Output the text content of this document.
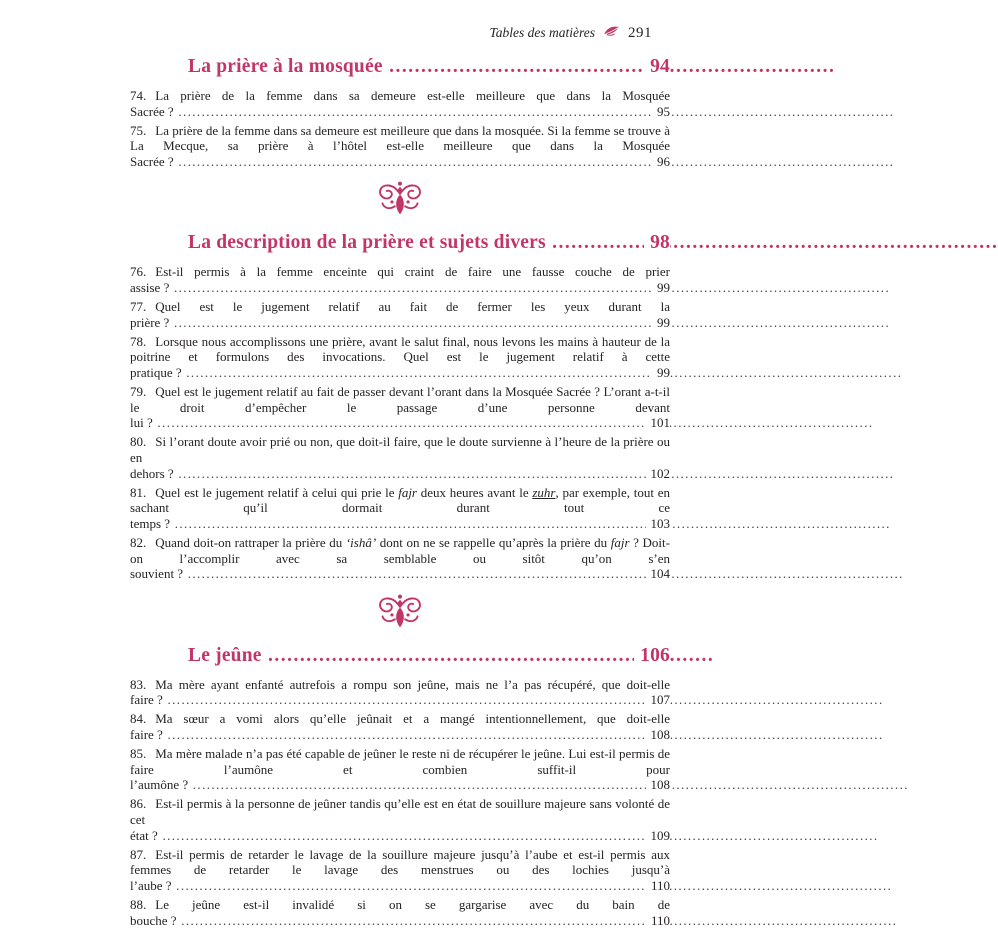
Tables des matières 291
La prière à la mosquée .....	94
74. La prière de la femme dans sa demeure est-elle meilleure que dans la Mosquée Sacrée ? .....	95
75. La prière de la femme dans sa demeure est meilleure que dans la mosquée. Si la femme se trouve à La Mecque, sa prière à l’hôtel est-elle meilleure que dans la Mosquée Sacrée ? .....	96
La description de la prière et sujets divers .....	98
76. Est-il permis à la femme enceinte qui craint de faire une fausse couche de prier assise ? .....	99
77. Quel est le jugement relatif au fait de fermer les yeux durant la prière ? .....	99
78. Lorsque nous accomplissons une prière, avant le salut final, nous levons les mains à hauteur de la poitrine et formulons des invocations. Quel est le jugement relatif à cette pratique ? .....	99
79. Quel est le jugement relatif au fait de passer devant l’orant dans la Mosquée Sacrée ? L’orant a-t-il le droit d’empêcher le passage d’une personne devant lui ? .....	101
80. Si l’orant doute avoir prié ou non, que doit-il faire, que le doute survienne à l’heure de la prière ou en dehors ? .....	102
81. Quel est le jugement relatif à celui qui prie le fajr deux heures avant le zuhr, par exemple, tout en sachant qu’il dormait durant tout ce temps ? .....	103
82. Quand doit-on rattraper la prière du ‘ishâ’ dont on ne se rappelle qu’après la prière du fajr ? Doit-on l’accomplir avec sa semblable ou sitôt qu’on s’en souvient ? .....	104
Le jeûne .....	106
83. Ma mère ayant enfanté autrefois a rompu son jeûne, mais ne l’a pas récupéré, que doit-elle faire ? .....	107
84. Ma sœur a vomi alors qu’elle jeûnait et a mangé intentionnellement, que doit-elle faire ? .....	108
85. Ma mère malade n’a pas été capable de jeûner le reste ni de récupérer le jeûne. Lui est-il permis de faire l’aumône et combien suffit-il pour l’aumône ? .....	108
86. Est-il permis à la personne de jeûner tandis qu’elle est en état de souillure majeure sans volonté de cet état ? .....	109
87. Est-il permis de retarder le lavage de la souillure majeure jusqu’à l’aube et est-il permis aux femmes de retarder le lavage des menstrues ou des lochies jusqu’à l’aube ? .....	110
88. Le jeûne est-il invalidé si on se gargarise avec du bain de bouche ? .....	110
